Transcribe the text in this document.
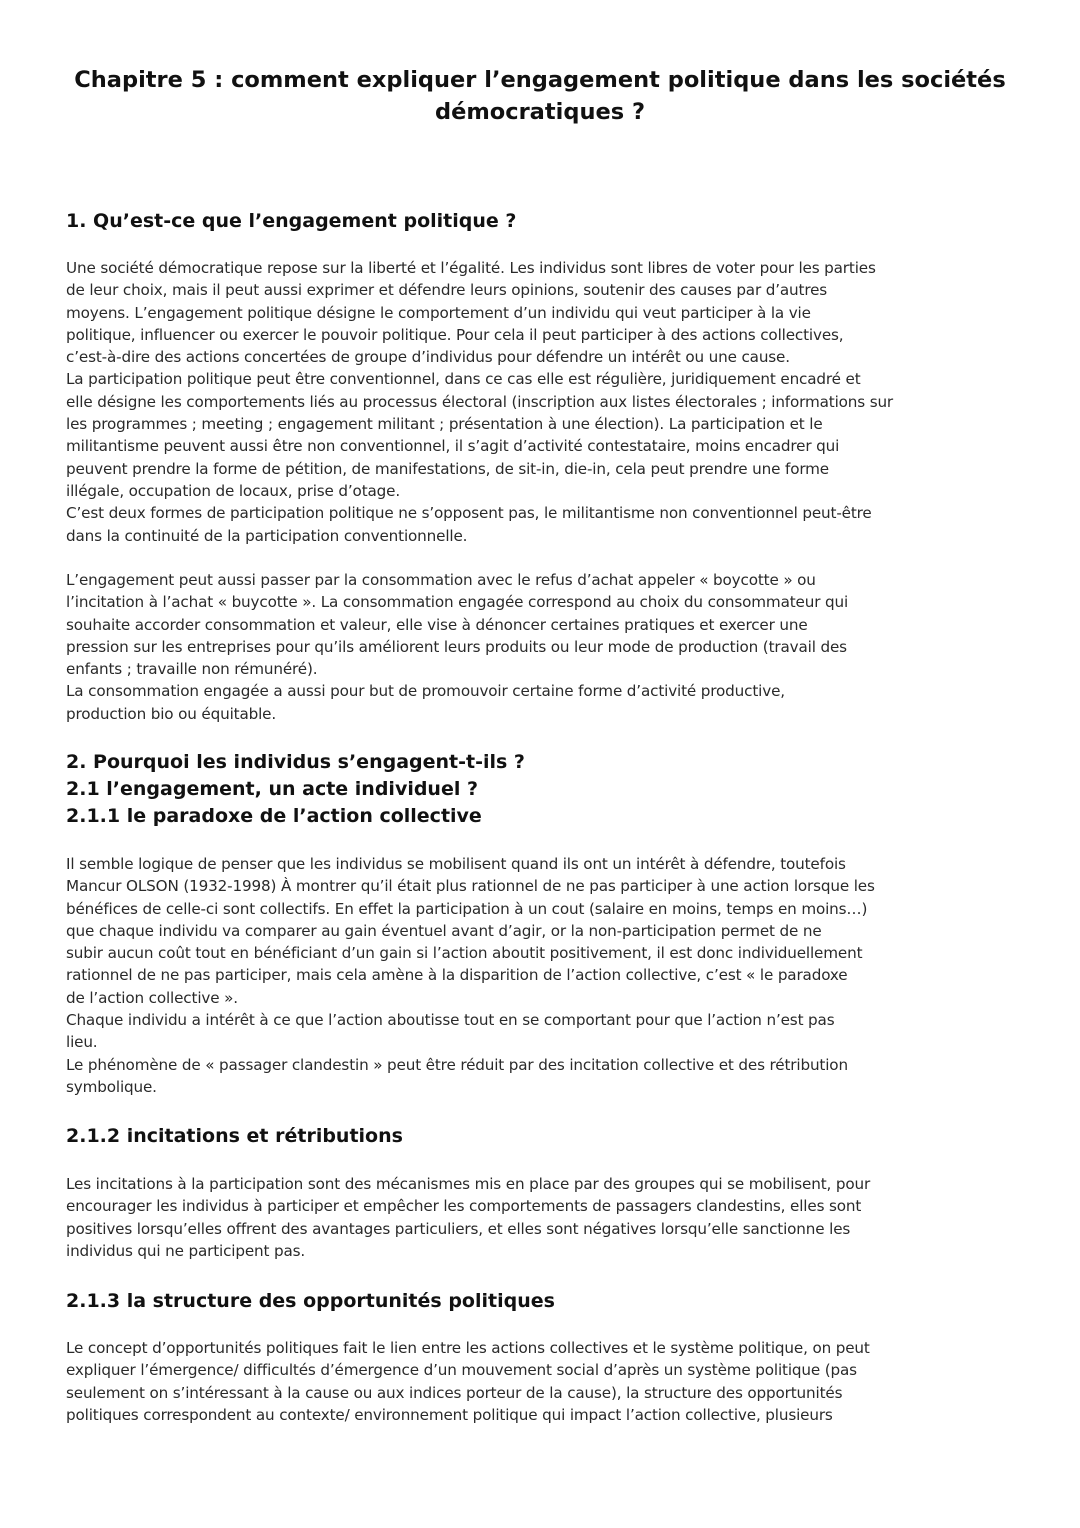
Chapitre 5 : comment expliquer l’engagement politique dans les sociétés démocratiques ?
1. Qu’est-ce que l’engagement politique ?
Une société démocratique repose sur la liberté et l’égalité. Les individus sont libres de voter pour les parties
de leur choix, mais il peut aussi exprimer et défendre leurs opinions, soutenir des causes par d’autres
moyens. L’engagement politique désigne le comportement d’un individu qui veut participer à la vie
politique, influencer ou exercer le pouvoir politique. Pour cela il peut participer à des actions collectives,
c’est-à-dire des actions concertées de groupe d’individus pour défendre un intérêt ou une cause.
La participation politique peut être conventionnel, dans ce cas elle est régulière, juridiquement encadré et
elle désigne les comportements liés au processus électoral (inscription aux listes électorales ; informations sur
les programmes ; meeting ; engagement militant ; présentation à une élection). La participation et le
militantisme peuvent aussi être non conventionnel, il s’agit d’activité contestataire, moins encadrer qui
peuvent prendre la forme de pétition, de manifestations, de sit-in, die-in, cela peut prendre une forme
illégale, occupation de locaux, prise d’otage.
C’est deux formes de participation politique ne s’opposent pas, le militantisme non conventionnel peut-être
dans la continuité de la participation conventionnelle.
L’engagement peut aussi passer par la consommation avec le refus d’achat appeler « boycotte » ou
l’incitation à l’achat « buycotte ». La consommation engagée correspond au choix du consommateur qui
souhaite accorder consommation et valeur, elle vise à dénoncer certaines pratiques et exercer une
pression sur les entreprises pour qu’ils améliorent leurs produits ou leur mode de production (travail des
enfants ; travaille non rémunéré).
La consommation engagée a aussi pour but de promouvoir certaine forme d’activité productive,
production bio ou équitable.
2. Pourquoi les individus s’engagent-t-ils ?
2.1 l’engagement, un acte individuel ?
2.1.1 le paradoxe de l’action collective
Il semble logique de penser que les individus se mobilisent quand ils ont un intérêt à défendre, toutefois
Mancur OLSON (1932-1998) À montrer qu’il était plus rationnel de ne pas participer à une action lorsque les
bénéfices de celle-ci sont collectifs. En effet la participation à un cout (salaire en moins, temps en moins…)
que chaque individu va comparer au gain éventuel avant d’agir, or la non-participation permet de ne
subir aucun coût tout en bénéficiant d’un gain si l’action aboutit positivement, il est donc individuellement
rationnel de ne pas participer, mais cela amène à la disparition de l’action collective, c’est « le paradoxe
de l’action collective ».
Chaque individu a intérêt à ce que l’action aboutisse tout en se comportant pour que l’action n’est pas
lieu.
Le phénomène de « passager clandestin » peut être réduit par des incitation collective et des rétribution
symbolique.
2.1.2 incitations et rétributions
Les incitations à la participation sont des mécanismes mis en place par des groupes qui se mobilisent, pour
encourager les individus à participer et empêcher les comportements de passagers clandestins, elles sont
positives lorsqu’elles offrent des avantages particuliers, et elles sont négatives lorsqu’elle sanctionne les
individus qui ne participent pas.
2.1.3 la structure des opportunités politiques
Le concept d’opportunités politiques fait le lien entre les actions collectives et le système politique, on peut
expliquer l’émergence/ difficultés d’émergence d’un mouvement social d’après un système politique (pas
seulement on s’intéressant à la cause ou aux indices porteur de la cause), la structure des opportunités
politiques correspondent au contexte/ environnement politique qui impact l’action collective, plusieurs
